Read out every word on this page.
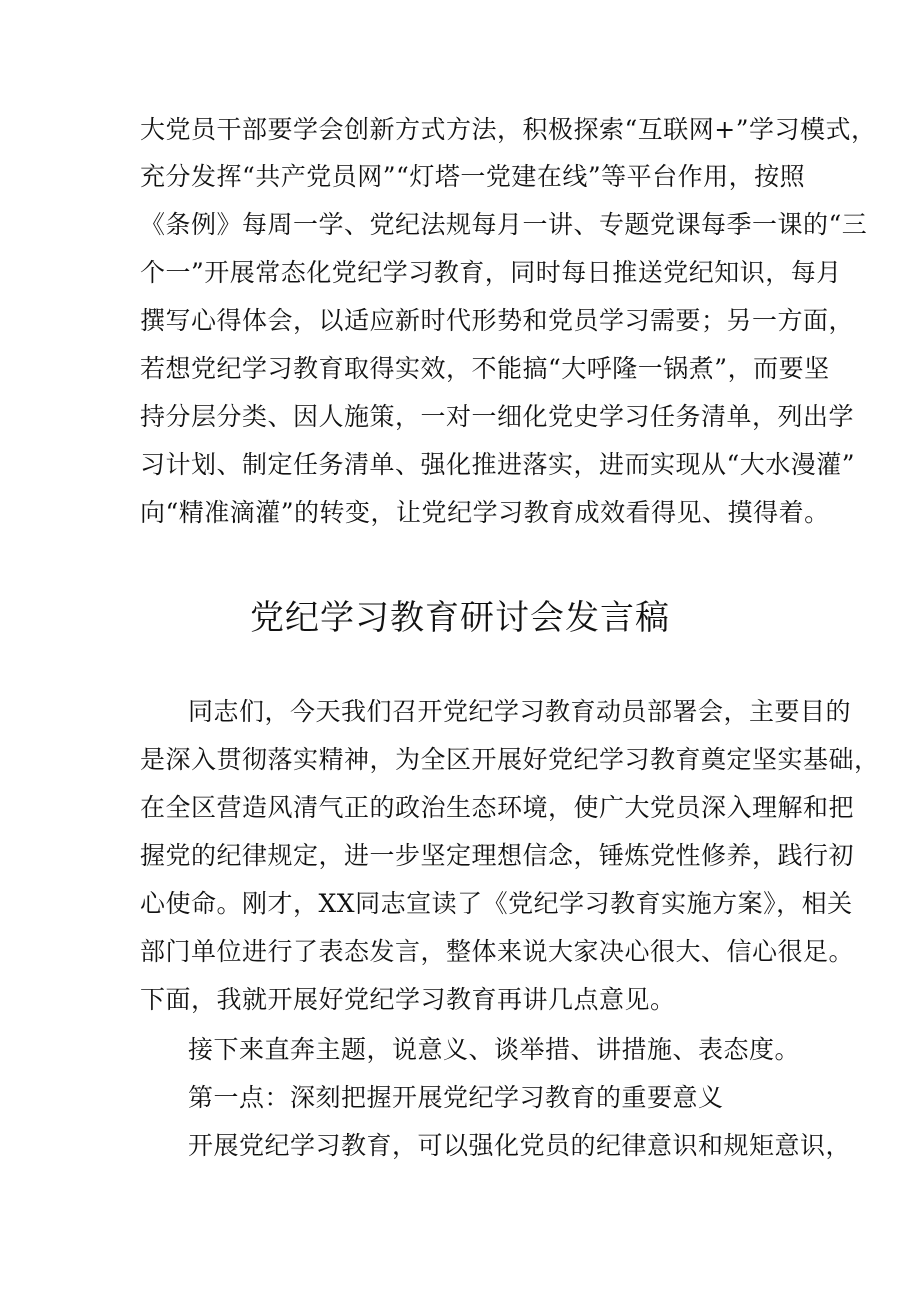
大党员干部要学会创新方式方法，积极探索“互联网+”学习模式，
充分发挥“共产党员网”“灯塔一党建在线”等平台作用，按照
《条例》每周一学、党纪法规每月一讲、专题党课每季一课的“三
个一”开展常态化党纪学习教育，同时每日推送党纪知识，每月
撰写心得体会，以适应新时代形势和党员学习需要；另一方面，
若想党纪学习教育取得实效，不能搞“大呼隆一锅煮”，而要坚
持分层分类、因人施策，一对一细化党史学习任务清单，列出学
习计划、制定任务清单、强化推进落实，进而实现从“大水漫灌”
向“精准滴灌”的转变，让党纪学习教育成效看得见、摸得着。
党纪学习教育研讨会发言稿
同志们，今天我们召开党纪学习教育动员部署会，主要目的
是深入贯彻落实精神，为全区开展好党纪学习教育奠定坚实基础，
在全区营造风清气正的政治生态环境，使广大党员深入理解和把
握党的纪律规定，进一步坚定理想信念，锤炼党性修养，践行初
心使命。刚才，XX同志宣读了《党纪学习教育实施方案》，相关
部门单位进行了表态发言，整体来说大家决心很大、信心很足。
下面，我就开展好党纪学习教育再讲几点意见。
接下来直奔主题，说意义、谈举措、讲措施、表态度。
第一点：深刻把握开展党纪学习教育的重要意义
开展党纪学习教育，可以强化党员的纪律意识和规矩意识，
